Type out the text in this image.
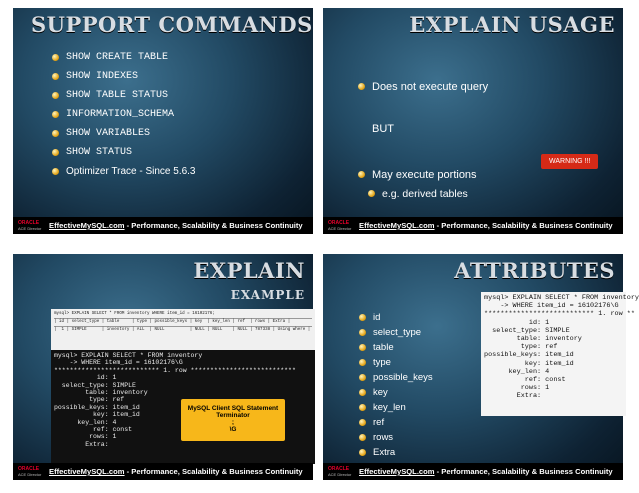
SUPPORT COMMANDS
SHOW CREATE TABLE
SHOW INDEXES
SHOW TABLE STATUS
INFORMATION_SCHEMA
SHOW VARIABLES
SHOW STATUS
Optimizer Trace - Since 5.6.3
ORACLE
ACE Director EffectiveMySQL.com - Performance, Scalability & Business Continuity
EXPLAIN USAGE
Does not execute query
BUT
May execute portions
e.g. derived tables
WARNING !!!
ORACLE
ACE Director EffectiveMySQL.com - Performance, Scalability & Business Continuity
EXPLAIN
EXAMPLE
mysql> EXPLAIN SELECT * FROM inventory WHERE item_id = 16102176;
| id | select_type | table     | type | possible_keys | key  | key_len | ref  | rows | Extra |
|  1 | SIMPLE      | inventory | ALL  | NULL          | NULL | NULL    | NULL | 787338 | Using where |
mysql> EXPLAIN SELECT * FROM inventory
-> WHERE item_id = 16102176\G
*************************** 1. row ***************************
id: 1
select_type: SIMPLE
table: inventory
type: ref
possible_keys: item_id
key: item_id
key_len: 4
ref: const
rows: 1
Extra:
MySQL Client SQL Statement Terminator
;
\G
ORACLE
ACE Director EffectiveMySQL.com - Performance, Scalability & Business Continuity
ATTRIBUTES
id
select_type
table
type
possible_keys
key
key_len
ref
rows
Extra
mysql> EXPLAIN SELECT * FROM inventory
-> WHERE item_id = 16102176\G
*************************** 1. row **
id: 1
select_type: SIMPLE
table: inventory
type: ref
possible_keys: item_id
key: item_id
key_len: 4
ref: const
rows: 1
Extra:
ORACLE
ACE Director EffectiveMySQL.com - Performance, Scalability & Business Continuity
